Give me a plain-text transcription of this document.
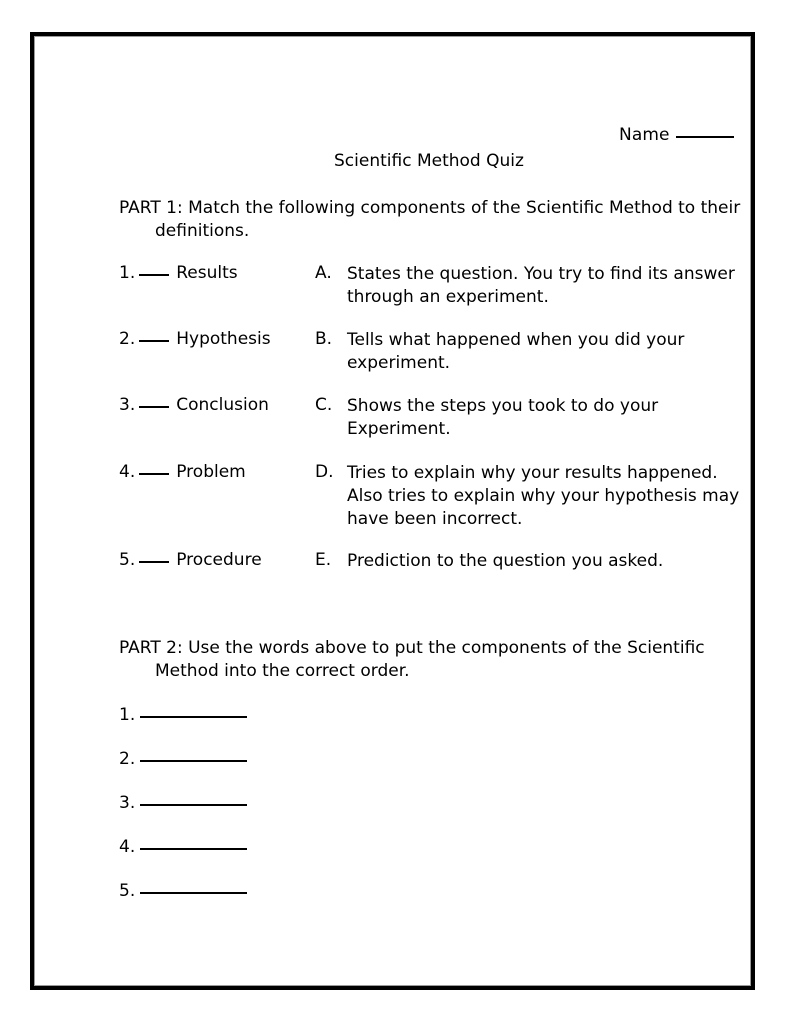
Name
Scientific Method Quiz
PART 1: Match the following components of the Scientific Method to their
definitions.
1. Results
2. Hypothesis
3. Conclusion
4. Problem
5. Procedure
A. States the question. You try to find its answer
through an experiment.
B. Tells what happened when you did your
experiment.
C. Shows the steps you took to do your
Experiment.
D. Tries to explain why your results happened.
Also tries to explain why your hypothesis may
have been incorrect.
E. Prediction to the question you asked.
PART 2: Use the words above to put the components of the Scientific
Method into the correct order.
1.
2.
3.
4.
5.
